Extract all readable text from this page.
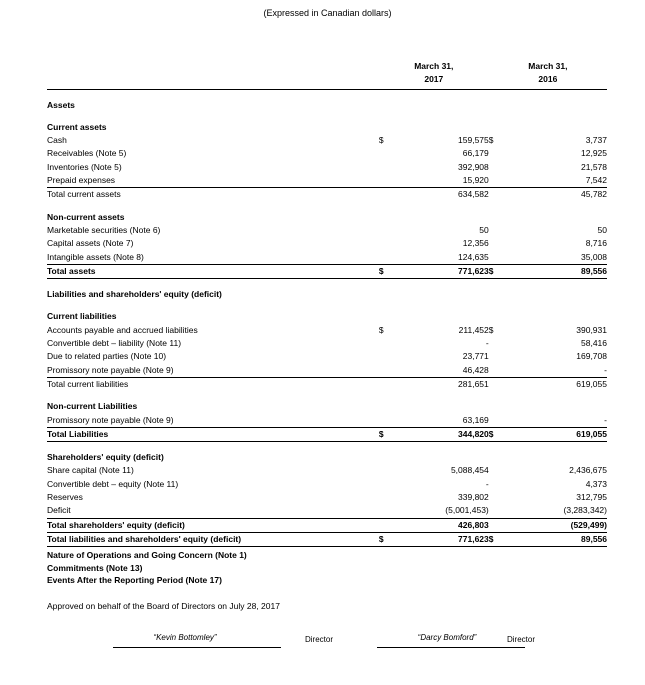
(Expressed in Canadian dollars)
	March 31,
2017		March 31,
2016	

Assets				

Current assets				
Cash	$	159,575	$	3,737
Receivables (Note 5)		66,179		12,925
Inventories (Note 5)		392,908		21,578
Prepaid expenses		15,920		7,542
Total current assets		634,582		45,782

Non-current assets				
Marketable securities (Note 6)		50		50
Capital assets (Note 7)		12,356		8,716
Intangible assets (Note 8)		124,635		35,008
Total assets	$	771,623	$	89,556

Liabilities and shareholders' equity (deficit)				

Current liabilities				
Accounts payable and accrued liabilities	$	211,452	$	390,931
Convertible debt – liability (Note 11)		-		58,416
Due to related parties (Note 10)		23,771		169,708
Promissory note payable (Note 9)		46,428		-
Total current liabilities		281,651		619,055

Non-current Liabilities				
Promissory note payable (Note 9)		63,169		-
Total Liabilities	$	344,820	$	619,055

Shareholders' equity (deficit)				
Share capital (Note 11)		5,088,454		2,436,675
Convertible debt – equity (Note 11)		-		4,373
Reserves		339,802		312,795
Deficit		(5,001,453)		(3,283,342)
Total shareholders' equity (deficit)		426,803		(529,499)
Total liabilities and shareholders' equity (deficit)	$	771,623	$	89,556
Nature of Operations and Going Concern (Note 1)
Commitments (Note 13)
Events After the Reporting Period (Note 17)
Approved on behalf of the Board of Directors on July 28, 2017
“Kevin Bottomley”	Director	“Darcy Bomford”	Director
